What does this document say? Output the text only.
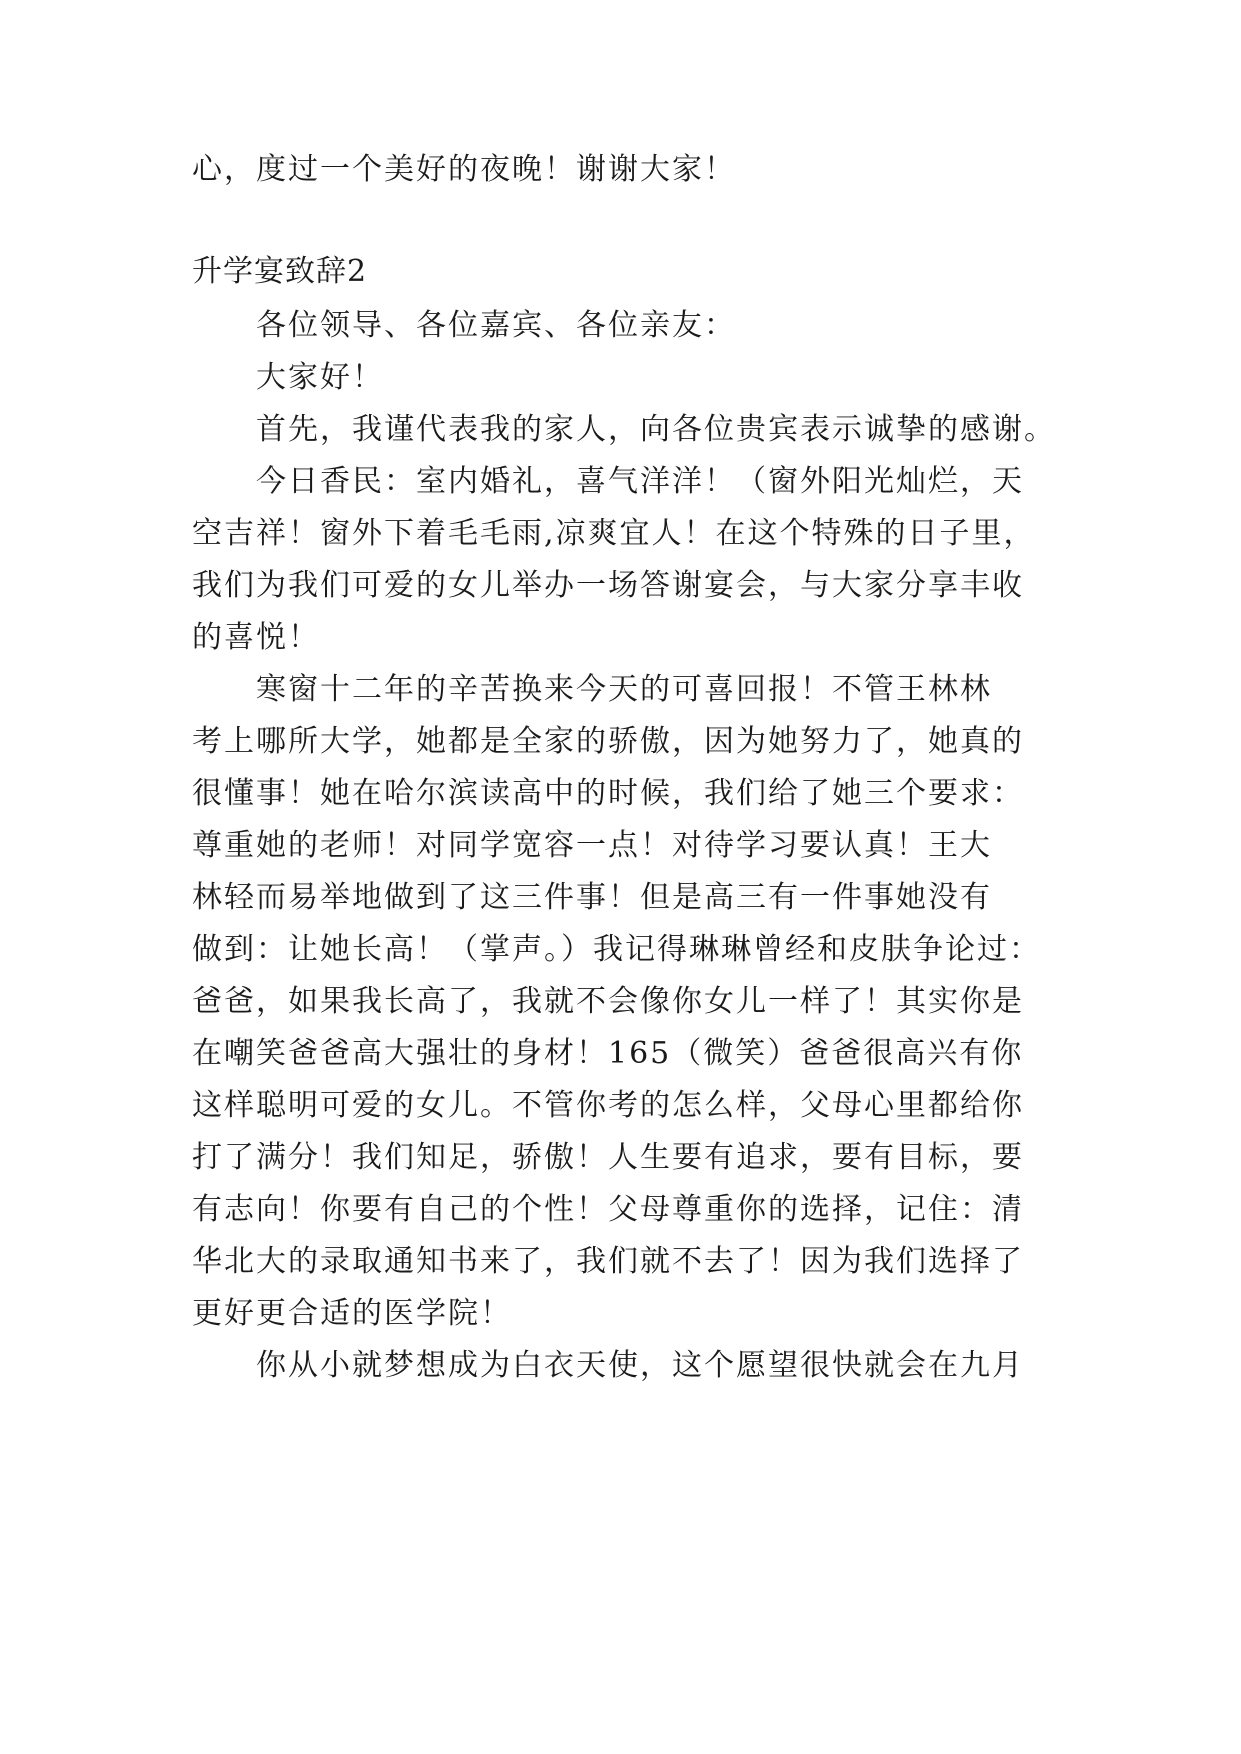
心，度过一个美好的夜晚！谢谢大家！
升学宴致辞2
各位领导、各位嘉宾、各位亲友：
大家好！
首先，我谨代表我的家人，向各位贵宾表示诚挚的感谢。
今日香民：室内婚礼，喜气洋洋！（窗外阳光灿烂，天
空吉祥！窗外下着毛毛雨,凉爽宜人！在这个特殊的日子里，
我们为我们可爱的女儿举办一场答谢宴会，与大家分享丰收
的喜悦！
寒窗十二年的辛苦换来今天的可喜回报！不管王林林
考上哪所大学，她都是全家的骄傲，因为她努力了，她真的
很懂事！她在哈尔滨读高中的时候，我们给了她三个要求：
尊重她的老师！对同学宽容一点！对待学习要认真！王大
林轻而易举地做到了这三件事！但是高三有一件事她没有
做到：让她长高！（掌声。）我记得琳琳曾经和皮肤争论过：
爸爸，如果我长高了，我就不会像你女儿一样了！其实你是
在嘲笑爸爸高大强壮的身材！165（微笑）爸爸很高兴有你
这样聪明可爱的女儿。不管你考的怎么样，父母心里都给你
打了满分！我们知足，骄傲！人生要有追求，要有目标，要
有志向！你要有自己的个性！父母尊重你的选择，记住：清
华北大的录取通知书来了，我们就不去了！因为我们选择了
更好更合适的医学院！
你从小就梦想成为白衣天使，这个愿望很快就会在九月
